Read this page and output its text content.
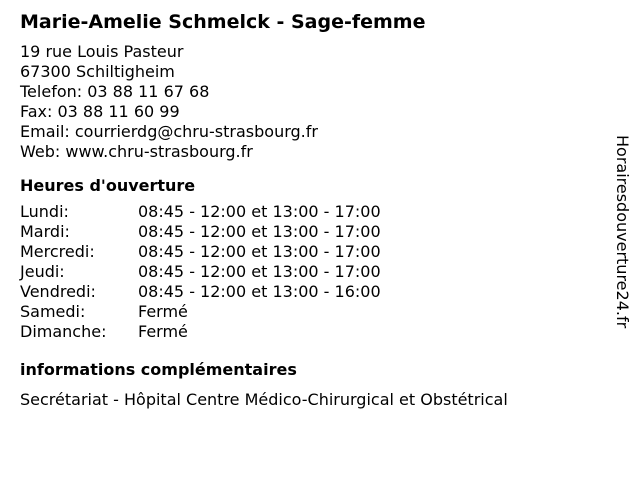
Marie-Amelie Schmelck - Sage-femme
19 rue Louis Pasteur
67300 Schiltigheim
Telefon: 03 88 11 67 68
Fax: 03 88 11 60 99
Email: courrierdg@chru-strasbourg.fr
Web: www.chru-strasbourg.fr
Heures d'ouverture
Lundi:	08:45 - 12:00 et 13:00 - 17:00
Mardi:	08:45 - 12:00 et 13:00 - 17:00
Mercredi:	08:45 - 12:00 et 13:00 - 17:00
Jeudi:	08:45 - 12:00 et 13:00 - 17:00
Vendredi:	08:45 - 12:00 et 13:00 - 16:00
Samedi:	Fermé
Dimanche:	Fermé
informations complémentaires

Secrétariat - Hôpital Centre Médico-Chirurgical et Obstétrical

Horairesdouverture24.fr
